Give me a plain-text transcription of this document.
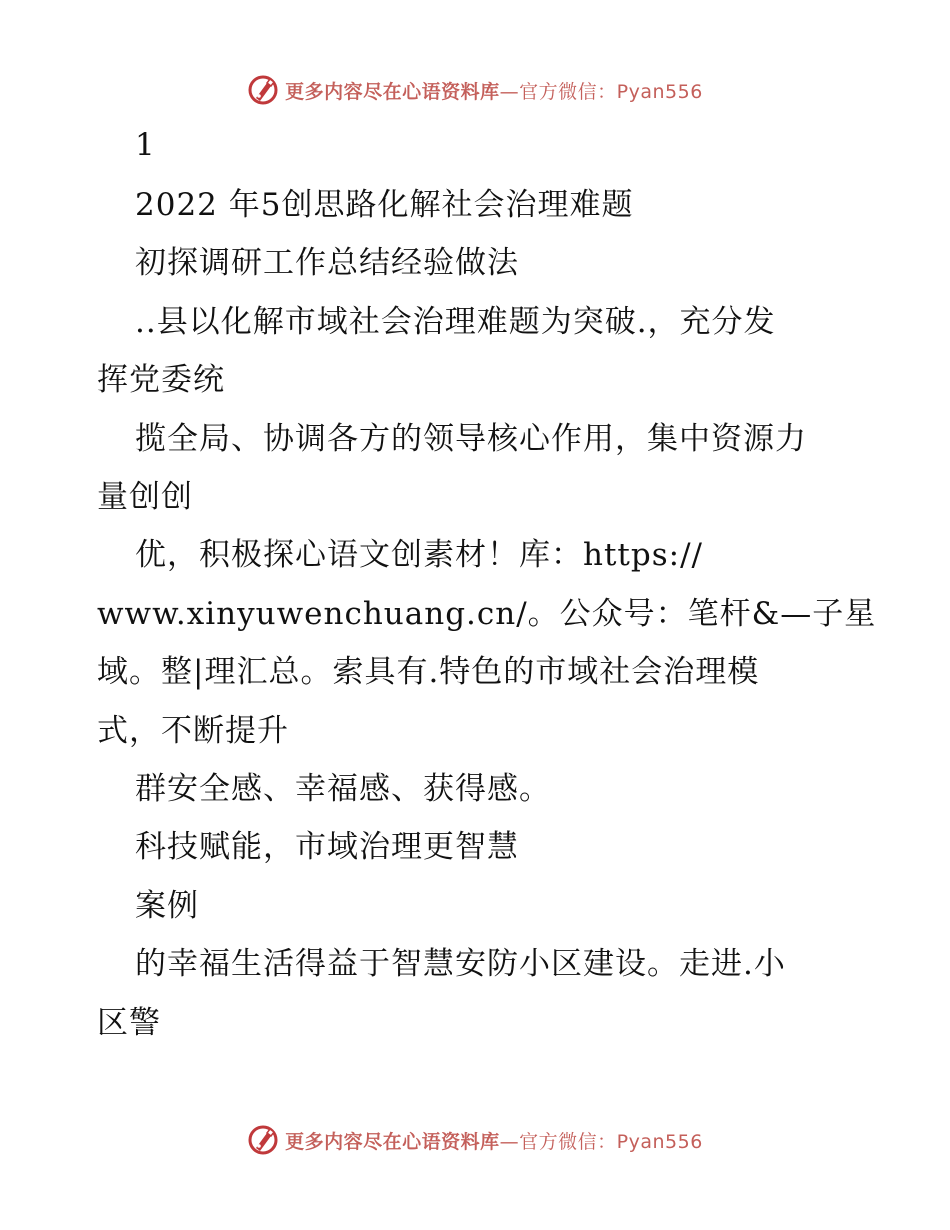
更多内容尽在心语资料库—官方微信：Pyan556
1
2022 年5创思路化解社会治理难题
初探调研工作总结经验做法
..县以化解市域社会治理难题为突破.，充分发
挥党委统
揽全局、协调各方的领导核心作用，集中资源力
量创创
优，积极探心语文创素材！库：https://
www.xinyuwenchuang.cn/。公众号：笔杆&—子星
域。整|理汇总。索具有.特色的市域社会治理模
式，不断提升
群安全感、幸福感、获得感。
科技赋能，市域治理更智慧
案例
的幸福生活得益于智慧安防小区建设。走进.小
区警
更多内容尽在心语资料库—官方微信：Pyan556
